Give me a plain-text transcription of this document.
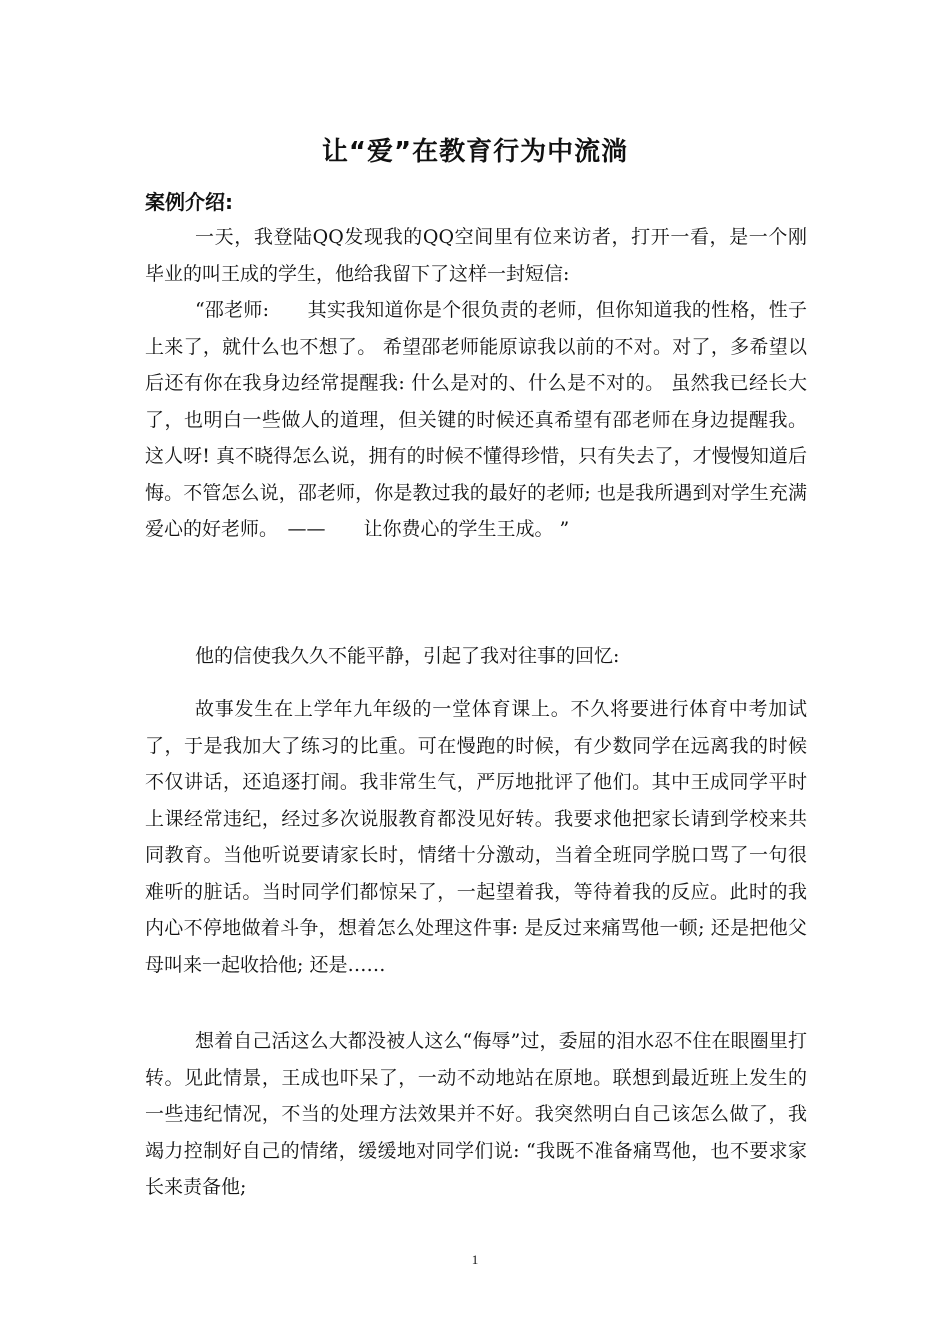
让“爱”在教育行为中流淌
案例介绍:

一天，我登陆QQ发现我的QQ空间里有位来访者，打开一看，是一个刚毕业的叫王成的学生，他给我留下了这样一封短信:

“邵老师:　　其实我知道你是个很负责的老师，但你知道我的性格，性子上来了，就什么也不想了。 希望邵老师能原谅我以前的不对。对了，多希望以后还有你在我身边经常提醒我: 什么是对的、什么是不对的。 虽然我已经长大了，也明白一些做人的道理，但关键的时候还真希望有邵老师在身边提醒我。 这人呀! 真不晓得怎么说，拥有的时候不懂得珍惜，只有失去了，才慢慢知道后悔。不管怎么说，邵老师，你是教过我的最好的老师; 也是我所遇到对学生充满爱心的好老师。　——　　让你费心的学生王成。 ”

他的信使我久久不能平静，引起了我对往事的回忆:

故事发生在上学年九年级的一堂体育课上。不久将要进行体育中考加试了，于是我加大了练习的比重。可在慢跑的时候，有少数同学在远离我的时候不仅讲话，还追逐打闹。我非常生气，严厉地批评了他们。其中王成同学平时上课经常违纪，经过多次说服教育都没见好转。我要求他把家长请到学校来共同教育。当他听说要请家长时，情绪十分激动，当着全班同学脱口骂了一句很难听的脏话。当时同学们都惊呆了，一起望着我，等待着我的反应。此时的我内心不停地做着斗争，想着怎么处理这件事: 是反过来痛骂他一顿; 还是把他父母叫来一起收拾他; 还是……

想着自己活这么大都没被人这么“侮辱”过，委屈的泪水忍不住在眼圈里打转。见此情景，王成也吓呆了，一动不动地站在原地。联想到最近班上发生的一些违纪情况，不当的处理方法效果并不好。我突然明白自己该怎么做了，我竭力控制好自己的情绪，缓缓地对同学们说: “我既不准备痛骂他，也不要求家长来责备他;

1
